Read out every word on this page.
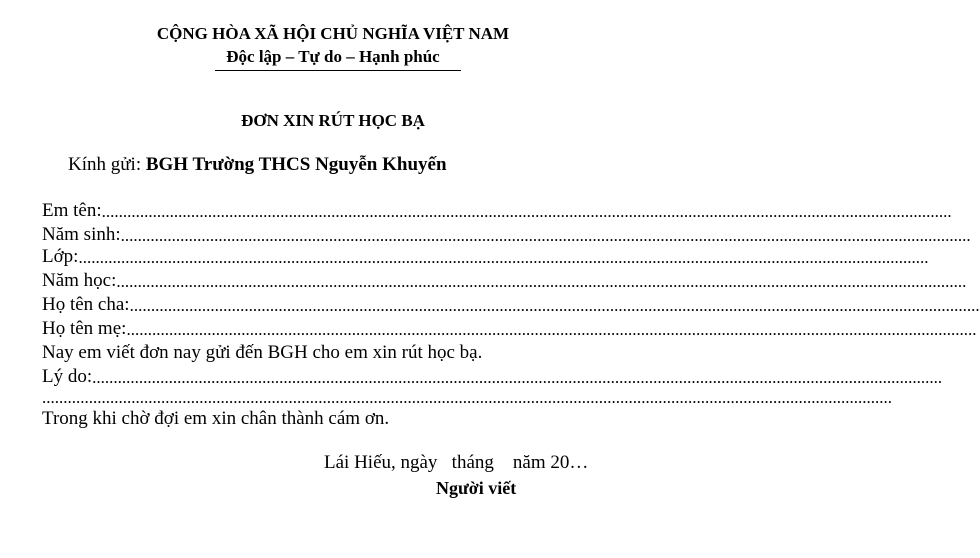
CỘNG HÒA XÃ HỘI CHỦ NGHĨA VIỆT NAM
Độc lập – Tự do – Hạnh phúc
ĐƠN XIN RÚT HỌC BẠ
Kính gửi: BGH Trường THCS Nguyễn Khuyến
Em tên: ........................................................................................................................................................................................................
Năm sinh: ........................................................................................................................................................................................................
Lớp: ........................................................................................................................................................................................................
Năm học: ........................................................................................................................................................................................................
Họ tên cha: ........................................................................................................................................................................................................
Họ tên mẹ: ........................................................................................................................................................................................................
Nay em viết đơn nay gửi đến BGH cho em xin rút học bạ.
Lý do: ........................................................................................................................................................................................................
........................................................................................................................................................................................................
Trong khi chờ đợi em xin chân thành cám ơn.
Lái Hiếu, ngày   tháng    năm 20…
Người viết
